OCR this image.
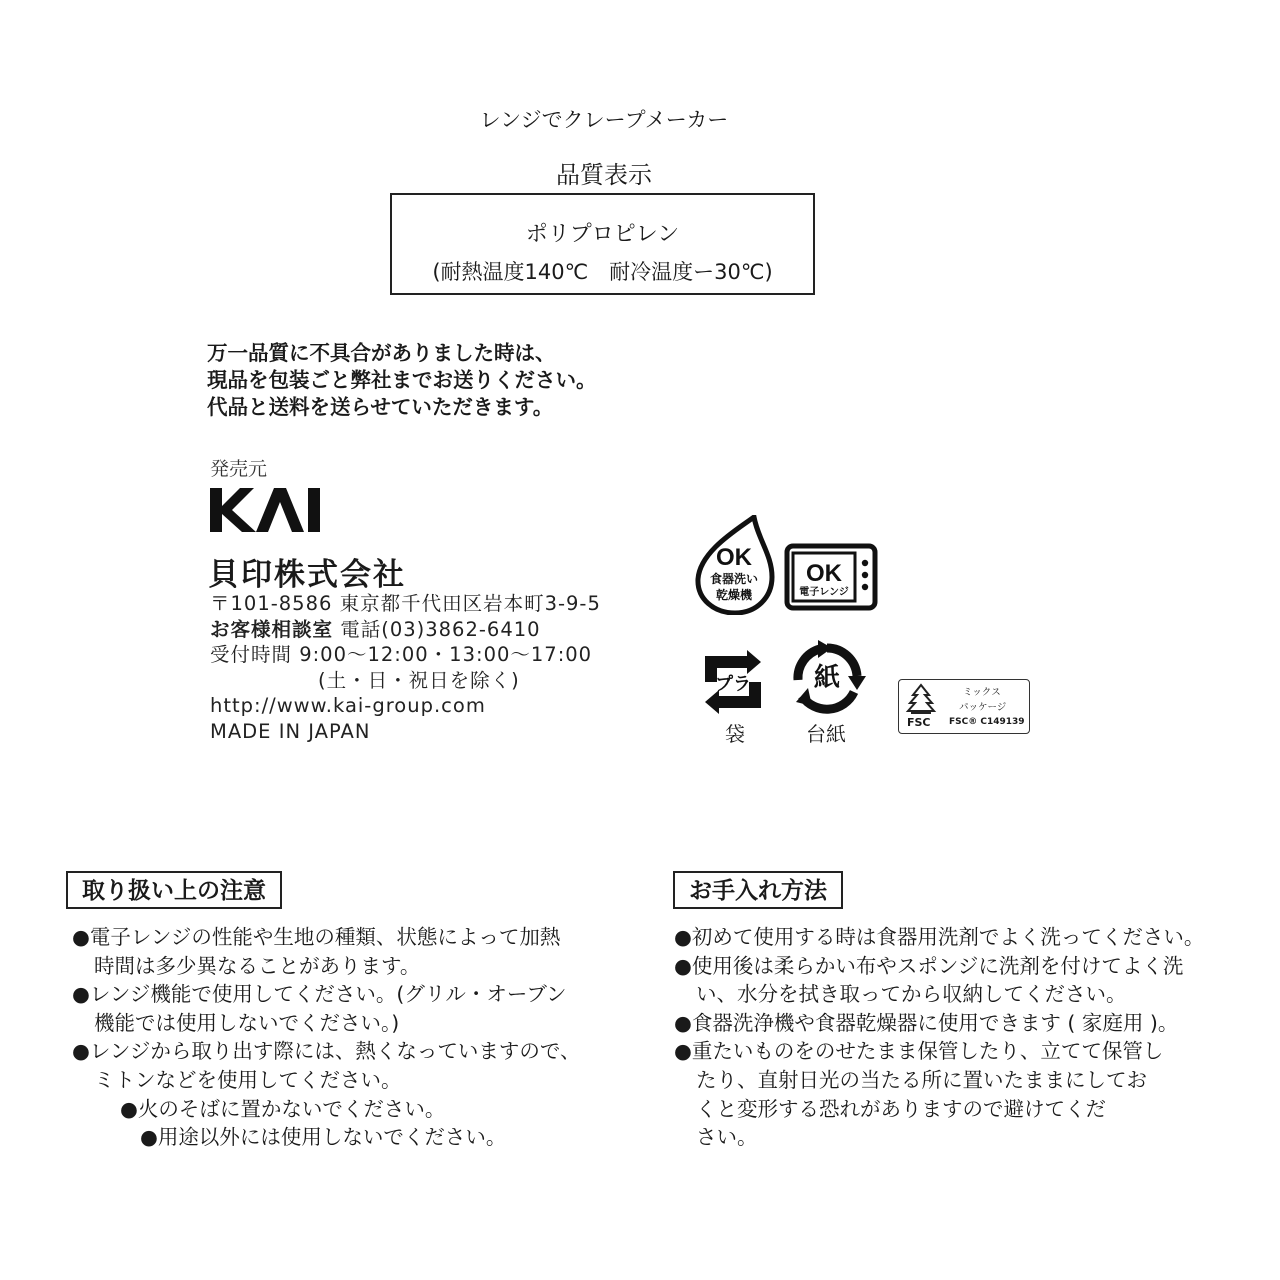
レンジでクレープメーカー
品質表示
ポリプロピレン
(耐熱温度140℃　耐冷温度ー30℃)
万一品質に不具合がありました時は、
現品を包装ごと弊社までお送りください。
代品と送料を送らせていただきます。
発売元
貝印株式会社
〒101-8586 東京都千代田区岩本町3-9-5
お客様相談室 電話(03)3862-6410
受付時間 9:00〜12:00・13:00〜17:00
(土・日・祝日を除く)
http://www.kai-group.com
MADE IN JAPAN
OK
食器洗い
乾燥機
OK
電子レンジ
プラ
袋
紙
台紙	FSC
ミックス
パッケージ
FSC® C149139
取り扱い上の注意
● 電子レンジの性能や生地の種類、状態によって加熱
時間は多少異なることがあります。
● レンジ機能で使用してください。(グリル・オーブン
機能では使用しないでください。)
● レンジから取り出す際には、熱くなっていますので、
ミトンなどを使用してください。
● 火のそばに置かないでください。
● 用途以外には使用しないでください。
お手入れ方法
● 初めて使用する時は食器用洗剤でよく洗ってください。
● 使用後は柔らかい布やスポンジに洗剤を付けてよく洗
い、水分を拭き取ってから収納してください。
● 食器洗浄機や食器乾燥器に使用できます ( 家庭用 )。
● 重たいものをのせたまま保管したり、立てて保管し
たり、直射日光の当たる所に置いたままにしてお
くと変形する恐れがありますので避けてくだ
さい。
